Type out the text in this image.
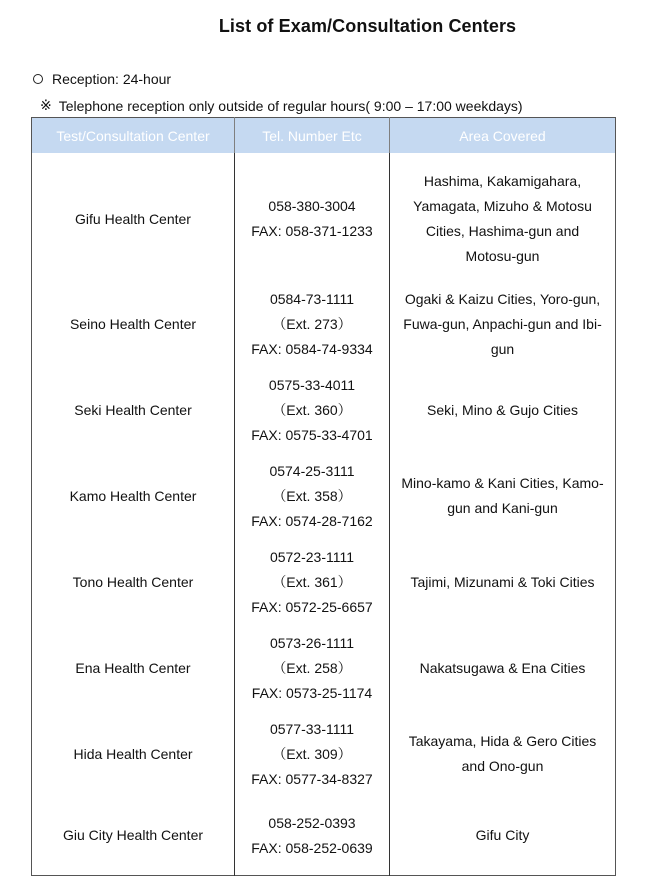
List of Exam/Consultation Centers
Reception: 24-hour
※ Telephone reception only outside of regular hours( 9:00 – 17:00 weekdays)
Test/Consultation Center	Tel. Number Etc	Area Covered

Gifu Health Center	058-380-3004
FAX: 058-371-1233	Hashima, Kakamigahara,
Yamagata, Mizuho & Motosu
Cities, Hashima-gun and
Motosu-gun

Seino Health Center	0584-73-1111
（Ext. 273）
FAX: 0584-74-9334	Ogaki & Kaizu Cities, Yoro-gun,
Fuwa-gun, Anpachi-gun and Ibi-
gun

Seki Health Center	0575-33-4011
（Ext. 360）
FAX: 0575-33-4701	Seki, Mino & Gujo Cities

Kamo Health Center	0574-25-3111
（Ext. 358）
FAX: 0574-28-7162	Mino-kamo & Kani Cities, Kamo-
gun and Kani-gun

Tono Health Center	0572-23-1111
（Ext. 361）
FAX: 0572-25-6657	Tajimi, Mizunami & Toki Cities

Ena Health Center	0573-26-1111
（Ext. 258）
FAX: 0573-25-1174	Nakatsugawa & Ena Cities

Hida Health Center	0577-33-1111
（Ext. 309）
FAX: 0577-34-8327	Takayama, Hida & Gero Cities
and Ono-gun

Giu City Health Center	058-252-0393
FAX: 058-252-0639	Gifu City
